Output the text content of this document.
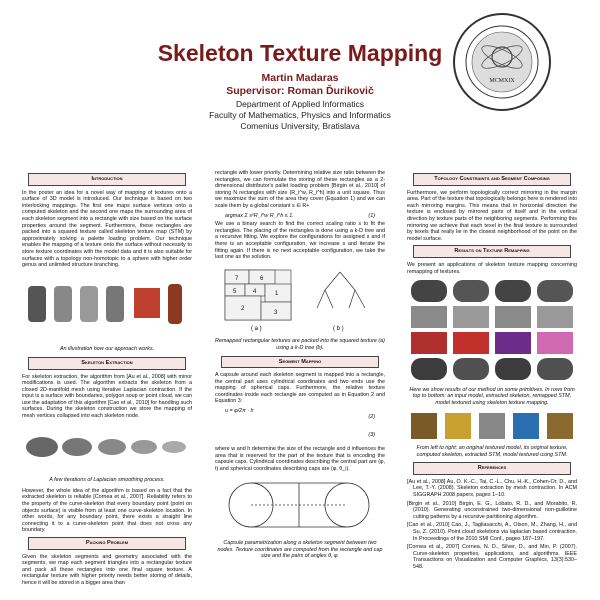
Skeleton Texture Mapping
Martin Madaras
Supervisor: Roman Ďurikovič
Department of Applied Informatics
Faculty of Mathematics, Physics and Informatics
Comenius University, Bratislava
MCMXIX
Introduction
In the poster an idea for a novel way of mapping of textures onto a surface of 3D model is introduced. Our technique is based on two interlocking mappings. The first one maps surface vertices onto a computed skeleton and the second one maps the surrounding area of each skeleton segment into a rectangle with size based on the surface properties around the segment. Furthermore, these rectangles are packed into a squared texture called skeleton texture map (STM) by approximately solving a palette loading problem. Our technique enables the mapping of a texture onto the surface without necessity to store texture coordinates with the model data and it is also suitable for surfaces with a topology non-homotopic to a sphere with higher order genus and unlimited structure branching.
An illustration how our approach works.
Skeleton Extraction
For skeleton extraction, the algorithm from [Au et al., 2008] with minor modifications is used. The algorithm extracts the skeleton from a closed 2D-manifold mesh using iterative Laplacian contraction. If the input is a surface with boundaries, polygon soup or point cloud, we can use the adaptation of this algorithm [Cao et al., 2010] for handling such surfaces. During the skeleton construction we store the mapping of mesh vertices collapsed into each skeleton node.
A few iterations of Laplacian smoothing process.
However, the whole idea of the algorithm is based on a fact that the extracted skeleton is reliable [Cornea et al., 2007]. Reliability refers to the property of the curve-skeleton that every boundary point (point on objects surface) is visible from at least one curve-skeleton location. In other words, for any boundary point, there exists a straight line connecting it to a curve-skeleton point that does not cross any boundary.
Packing Problem
Given the skeleton segments and geometry associated with the segments, we map each segment triangles into a rectangular texture and pack all these rectangles into one final square texture. A rectangular texture with higher priority needs better storing of details, hence it will be stored in a bigger area than
rectangle with lower priority. Determining relative size ratio between the rectangles, we can formulate the storing of these rectangles as a 2-dimensional distributor's pallet loading problem [Birgin et al., 2010] of storing N rectangles with size (R_i^w, R_i^h) into a unit square. Thus we maximize the sum of the area they cover (Equation 1) and we can scale them by a global constant s ∈ R+
argmax Σ s²R_i^w R_i^h ≤ 1.	(1)
We use a binary search to find the correct scaling ratio s to fit the rectangles. The placing of the rectangles is done using a k-D tree and a recursive fitting. We explore the configurations for assigned s and if there is an acceptable configuration, we increase s and iterate the fitting again. If there is no next acceptable configuration, we take the last one as the solution.
7	6
5	4	1
2
3
( a )	( b )
Remapped rectangular textures are packed into the squared texture (a) using a k-D tree (b).
Segment Mapping
A capsule around each skeleton segment is mapped into a rectangle, the central part uses cylindrical coordinates and two ends use the mapping of spherical caps. Furthermore, the relative texture coordinates inside each rectangle are computed as in Equation 2 and Equation 3:
u = φ/2π · h
(2)
(3)
where w and h determine the size of the rectangle and d influences the area that is reserved for the part of the texture that is encoding the capsule caps. Cylindrical coordinates describing the central part are (φ, t) and spherical coordinates describing caps are (φ, θ_i).
Capsule parametrization along a skeleton segment between two nodes. Texture coordinates are computed from the rectangle and cap size and the pairs of angles θ, φ.
Topology Constraints and Segment Composing
Furthermore, we perform topologically correct mirroring in the margin area. Part of the texture that topologically belongs here is rendered into each mirroring margins. This means that in horizontal direction the texture is enclosed by mirrored parts of itself and in the vertical direction by texture parts of the neighboring segments. Performing this mirroring we achieve that each texel in the final texture is surrounded by texels that really lie in the closest neighborhood of the point on the model surface.
Results on Texture Remapping
We present an applications of skeleton texture mapping concerning remapping of textures.
Here we show results of our method on some primitives. In rows from top to bottom: an input model, extracted skeleton, remapped STM, model textured using skeleton texture mapping.
From left to right: an original textured model, its original texture, computed skeleton, extracted STM, model textured using STM.
References
[Au et al., 2008] Au, O. K.-C., Tai, C.-L., Chu, H.-K., Cohen-Or, D., and Lee, T.-Y. (2008). Skeleton extraction by mesh contraction. In ACM SIGGRAPH 2008 papers, pages 1–10.
[Birgin et al., 2010] Birgin, E. G., Lobato, R. D., and Morabito, R. (2010). Generating unconstrained two-dimensional non-guillotine cutting patterns by a recursive partitioning algorithm.
[Cao et al., 2010] Cao, J., Tagliasacchi, A., Olson, M., Zhang, H., and Su, Z. (2010). Point cloud skeletons via laplacian based contraction. In Proceedings of the 2010 SMI Conf., pages 187–197.
[Cornea et al., 2007] Cornea, N. D., Silver, D., and Min, P. (2007). Curve-skeleton properties, applications, and algorithms. IEEE Transactions on Visualization and Computer Graphics, 13(3):530–548.
